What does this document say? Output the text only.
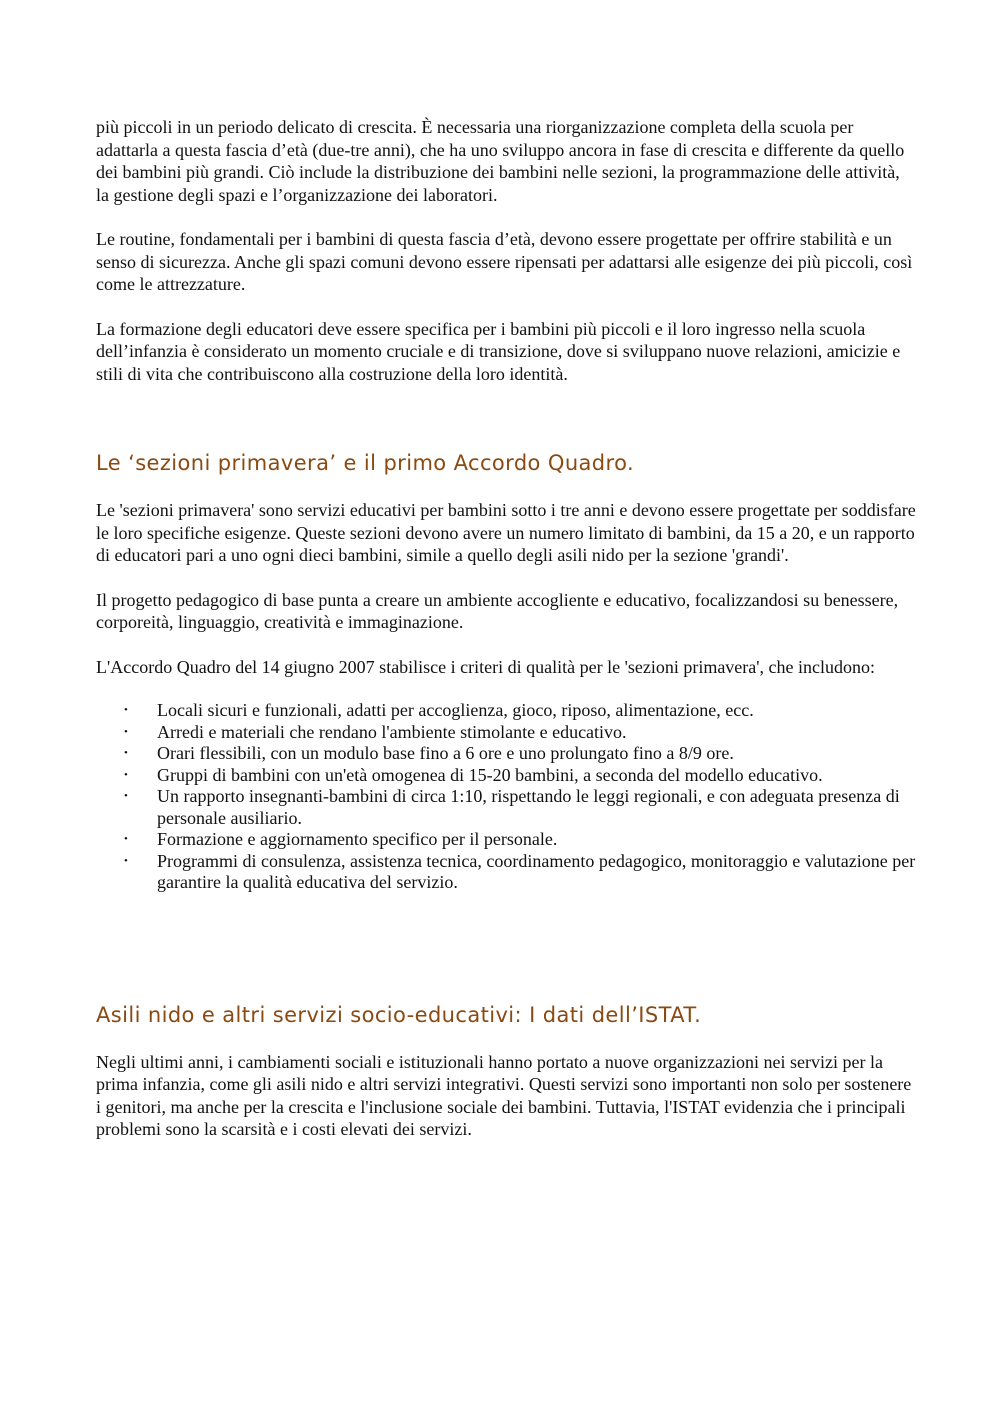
più piccoli in un periodo delicato di crescita. È necessaria una riorganizzazione completa della scuola per adattarla a questa fascia d’età (due-tre anni), che ha uno sviluppo ancora in fase di crescita e differente da quello dei bambini più grandi. Ciò include la distribuzione dei bambini nelle sezioni, la programmazione delle attività, la gestione degli spazi e l’organizzazione dei laboratori.

Le routine, fondamentali per i bambini di questa fascia d’età, devono essere progettate per offrire stabilità e un senso di sicurezza. Anche gli spazi comuni devono essere ripensati per adattarsi alle esigenze dei più piccoli, così come le attrezzature.

La formazione degli educatori deve essere specifica per i bambini più piccoli e il loro ingresso nella scuola dell’infanzia è considerato un momento cruciale e di transizione, dove si sviluppano nuove relazioni, amicizie e stili di vita che contribuiscono alla costruzione della loro identità.

Le ‘sezioni primavera’ e il primo Accordo Quadro.

Le 'sezioni primavera' sono servizi educativi per bambini sotto i tre anni e devono essere progettate per soddisfare le loro specifiche esigenze. Queste sezioni devono avere un numero limitato di bambini, da 15 a 20, e un rapporto di educatori pari a uno ogni dieci bambini, simile a quello degli asili nido per la sezione 'grandi'.

Il progetto pedagogico di base punta a creare un ambiente accogliente e educativo, focalizzandosi su benessere, corporeità, linguaggio, creatività e immaginazione.

L'Accordo Quadro del 14 giugno 2007 stabilisce i criteri di qualità per le 'sezioni primavera', che includono:

• Locali sicuri e funzionali, adatti per accoglienza, gioco, riposo, alimentazione, ecc.
• Arredi e materiali che rendano l'ambiente stimolante e educativo.
• Orari flessibili, con un modulo base fino a 6 ore e uno prolungato fino a 8/9 ore.
• Gruppi di bambini con un'età omogenea di 15-20 bambini, a seconda del modello educativo.
• Un rapporto insegnanti-bambini di circa 1:10, rispettando le leggi regionali, e con adeguata presenza di personale ausiliario.
• Formazione e aggiornamento specifico per il personale.
• Programmi di consulenza, assistenza tecnica, coordinamento pedagogico, monitoraggio e valutazione per garantire la qualità educativa del servizio.
Asili nido e altri servizi socio-educativi: I dati dell’ISTAT.

Negli ultimi anni, i cambiamenti sociali e istituzionali hanno portato a nuove organizzazioni nei servizi per la prima infanzia, come gli asili nido e altri servizi integrativi. Questi servizi sono importanti non solo per sostenere i genitori, ma anche per la crescita e l'inclusione sociale dei bambini. Tuttavia, l'ISTAT evidenzia che i principali problemi sono la scarsità e i costi elevati dei servizi.
